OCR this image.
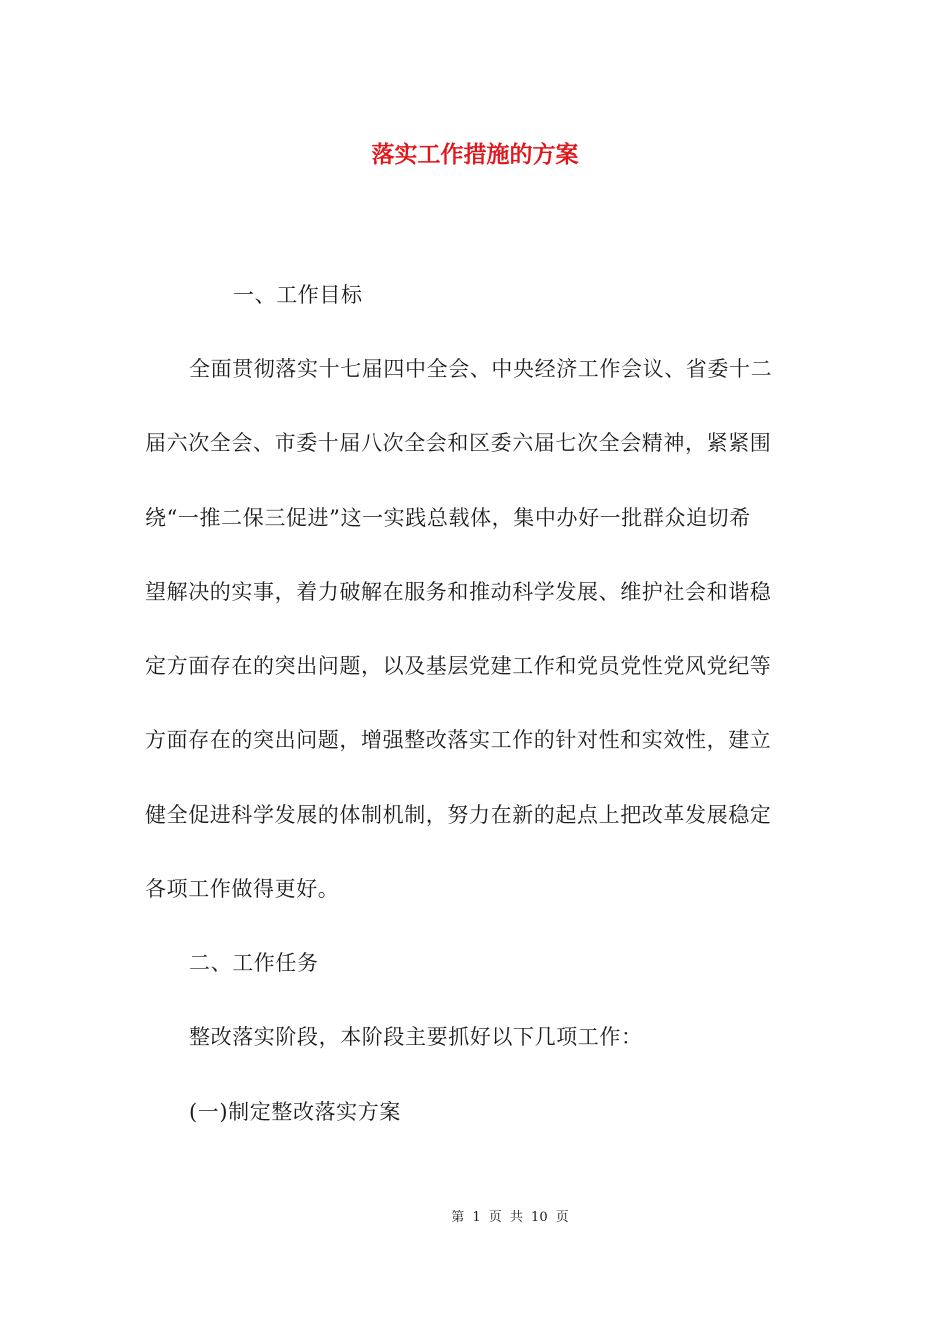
落实工作措施的方案
一、工作目标
全面贯彻落实十七届四中全会、中央经济工作会议、省委十二
届六次全会、市委十届八次全会和区委六届七次全会精神，紧紧围
绕“一推二保三促进”这一实践总载体，集中办好一批群众迫切希
望解决的实事，着力破解在服务和推动科学发展、维护社会和谐稳
定方面存在的突出问题，以及基层党建工作和党员党性党风党纪等
方面存在的突出问题，增强整改落实工作的针对性和实效性，建立
健全促进科学发展的体制机制，努力在新的起点上把改革发展稳定
各项工作做得更好。
二、工作任务
整改落实阶段，本阶段主要抓好以下几项工作：
(一)制定整改落实方案
第 1 页 共 10 页
